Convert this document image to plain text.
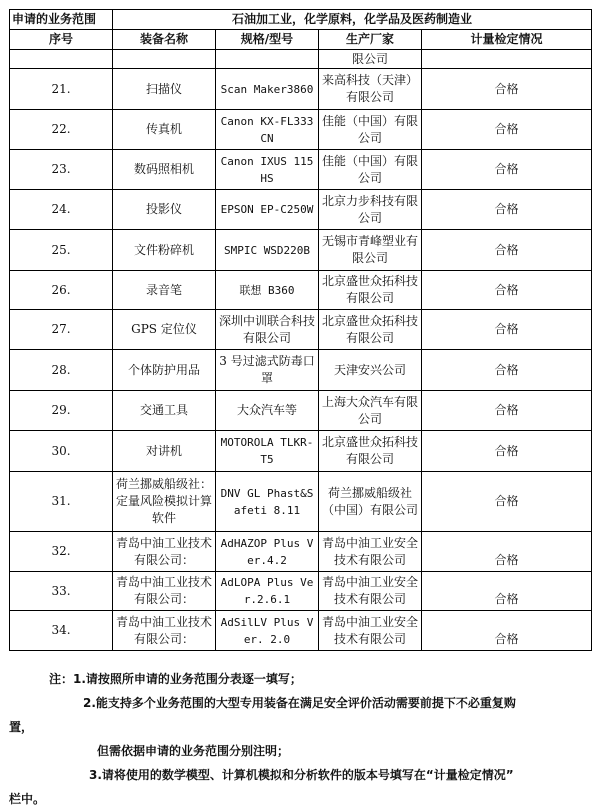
申请的业务范围	石油加工业，化学原料，化学品及医药制造业			
序号	装备名称	规格/型号	生产厂家	计量检定情况
			限公司	
21.	扫描仪	Scan Maker3860	来高科技（天津）有限公司	合格
22.	传真机	Canon KX-FL333CN	佳能（中国）有限公司	合格
23.	数码照相机	Canon IXUS 115HS	佳能（中国）有限公司	合格
24.	投影仪	EPSON EP-C250W	北京力步科技有限公司	合格
25.	文件粉碎机	SMPIC WSD220B	无锡市青峰塑业有限公司	合格
26.	录音笔	联想 B360	北京盛世众拓科技有限公司	合格
27.	GPS 定位仪	深圳中训联合科技有限公司	北京盛世众拓科技有限公司	合格
28.	个体防护用品	3 号过滤式防毒口罩	天津安兴公司	合格
29.	交通工具	大众汽车等	上海大众汽车有限公司	合格
30.	对讲机	MOTOROLA TLKR-T5	北京盛世众拓科技有限公司	合格
31.	荷兰挪威船级社：定量风险模拟计算软件	DNV GL Phast&Safeti 8.11	荷兰挪威船级社（中国）有限公司	合格
32.	青岛中油工业技术有限公司：	AdHAZOP Plus Ver.4.2	青岛中油工业安全技术有限公司	合格
33.	青岛中油工业技术有限公司：	AdLOPA Plus Ver.2.6.1	青岛中油工业安全技术有限公司	合格
34.	青岛中油工业技术有限公司：	AdSilLV Plus Ver. 2.0	青岛中油工业安全技术有限公司	合格
注：1.请按照所申请的业务范围分表逐一填写；
2.能支持多个业务范围的大型专用装备在满足安全评价活动需要前提下不必重复购
置，
但需依据申请的业务范围分别注明；
3.请将使用的数学模型、计算机模拟和分析软件的版本号填写在“计量检定情况”
栏中。
